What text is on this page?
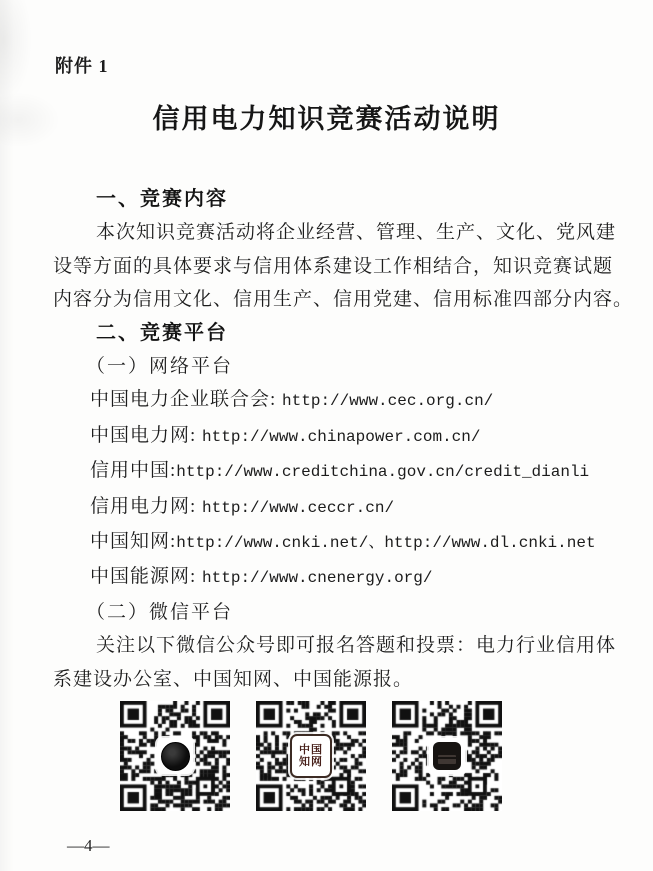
附件 1
信用电力知识竞赛活动说明
一、竞赛内容
本次知识竞赛活动将企业经营、管理、生产、文化、党风建
设等方面的具体要求与信用体系建设工作相结合，知识竞赛试题
内容分为信用文化、信用生产、信用党建、信用标准四部分内容。
二、竞赛平台
（一）网络平台
中国电力企业联合会: http://www.cec.org.cn/
中国电力网: http://www.chinapower.com.cn/
信用中国:http://www.creditchina.gov.cn/credit_dianli
信用电力网: http://www.ceccr.cn/
中国知网:http://www.cnki.net/、http://www.dl.cnki.net
中国能源网: http://www.cnenergy.org/
（二）微信平台
关注以下微信公众号即可报名答题和投票：电力行业信用体
系建设办公室、中国知网、中国能源报。
中国知网
—4—
